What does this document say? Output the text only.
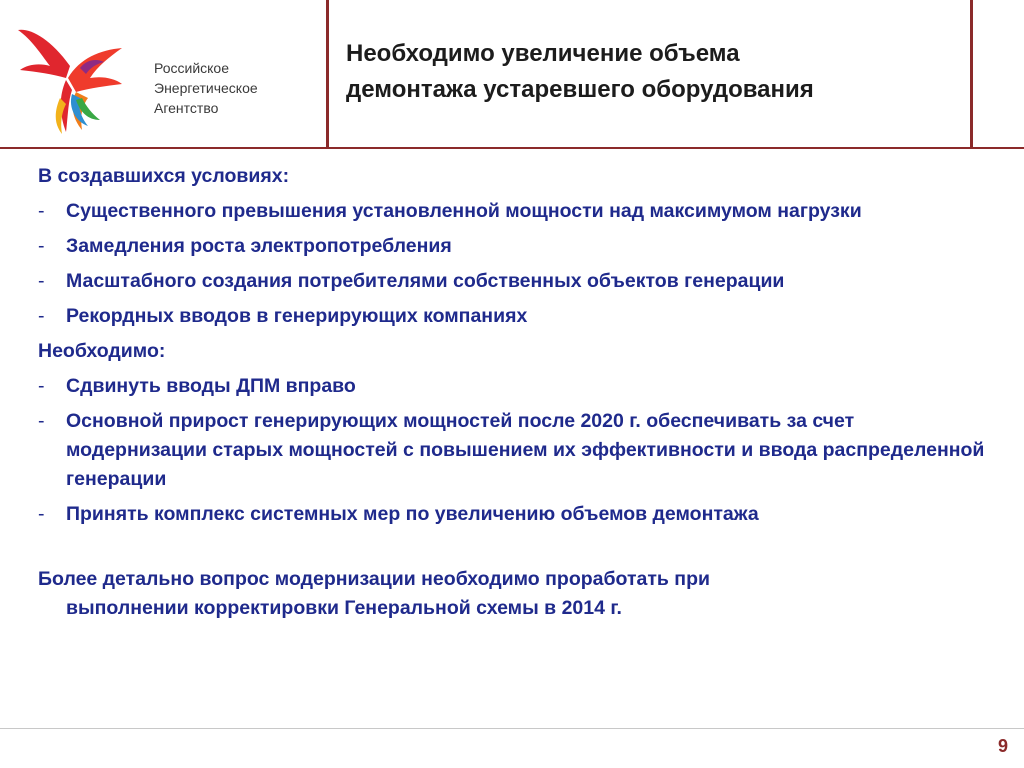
Российское
Энергетическое
Агентство
Необходимо увеличение объема
демонтажа устаревшего оборудования

В создавшихся условиях:

- Существенного превышения установленной мощности над максимумом нагрузки
- Замедления роста электропотребления
- Масштабного создания потребителями собственных объектов генерации
- Рекордных вводов в генерирующих компаниях

Необходимо:

- Сдвинуть вводы ДПМ вправо
- Основной прирост генерирующих мощностей после 2020 г. обеспечивать за счет модернизации старых мощностей с повышением их эффективности и ввода распределенной генерации
- Принять комплекс системных мер по увеличению объемов демонтажа
Более детально вопрос модернизации необходимо проработать при
выполнении корректировки Генеральной схемы в 2014 г.
9
